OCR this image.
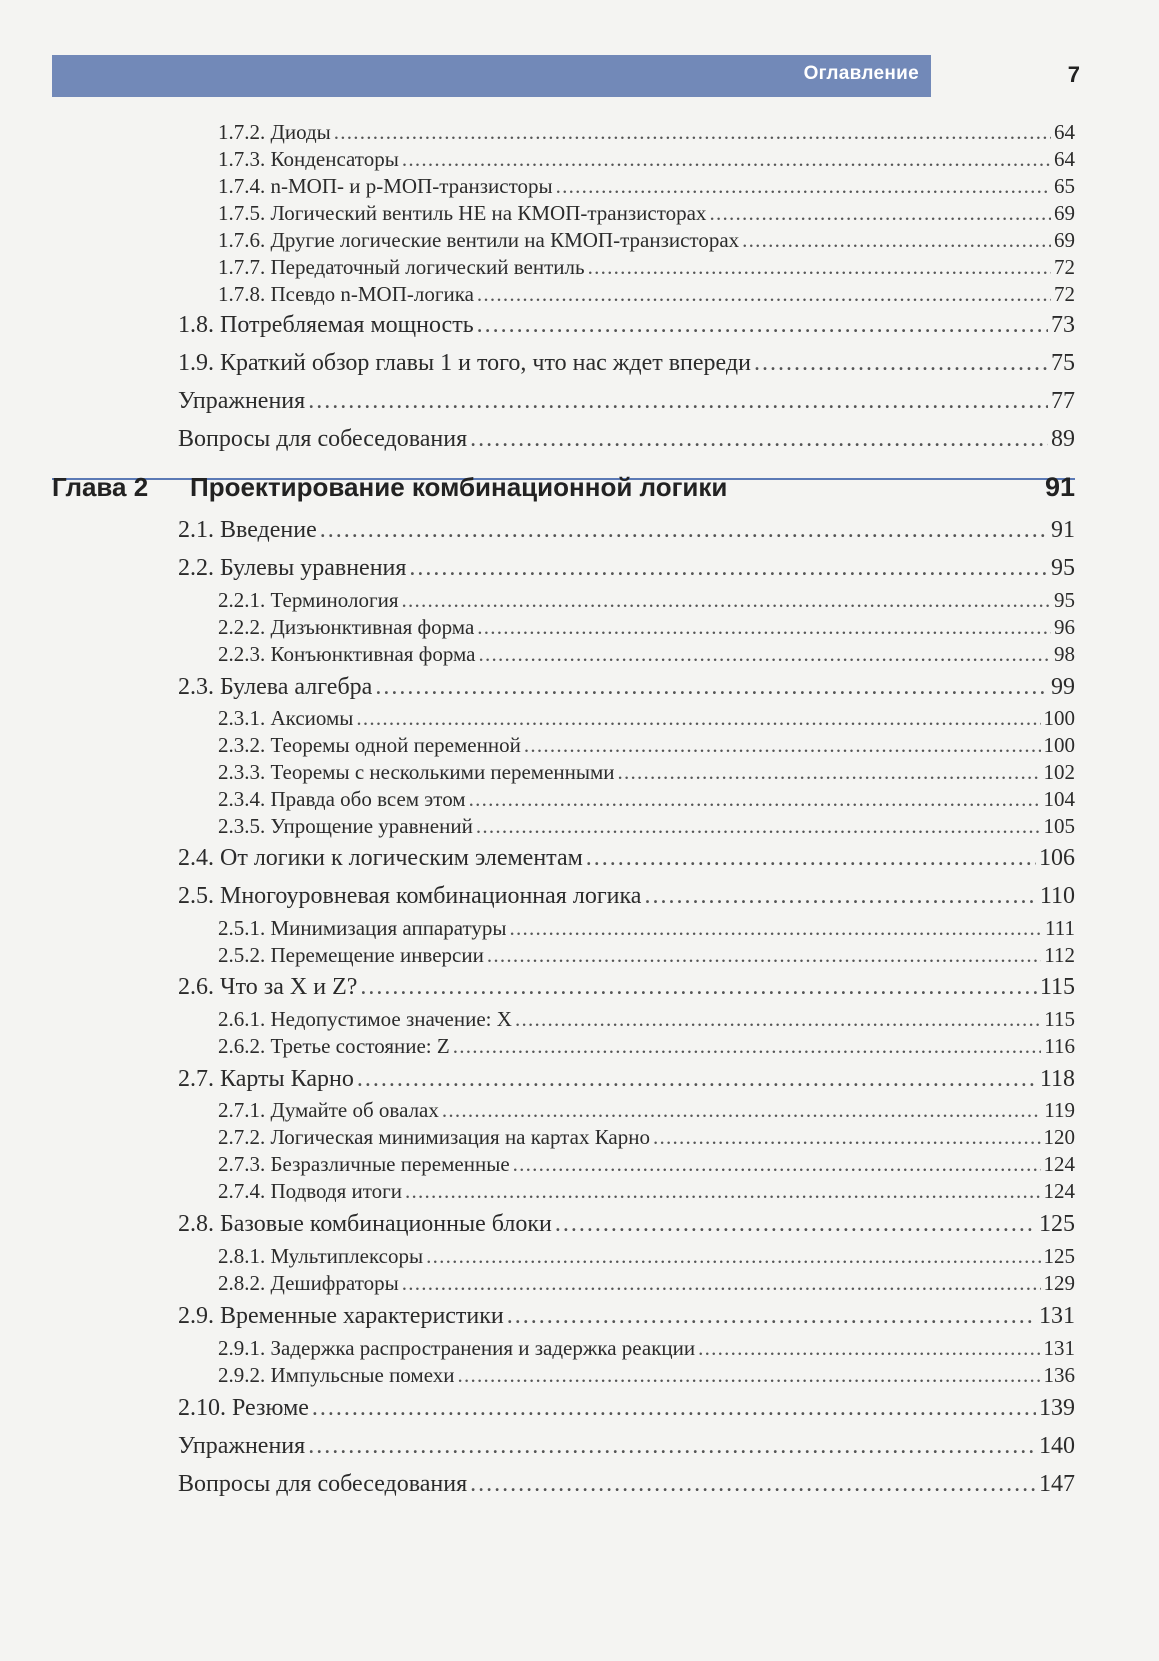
Оглавление	7
Глава 2 Проектирование комбинационной логики	91
1.7.2. Диоды . . .	64
1.7.3. Конденсаторы . . .	64
1.7.4. n-МОП- и p-МОП-транзисторы . . .	65
1.7.5. Логический вентиль НЕ на КМОП-транзисторах . . .	69
1.7.6. Другие логические вентили на КМОП-транзисторах . . .	69
1.7.7. Передаточный логический вентиль . . .	72
1.7.8. Псевдо n-МОП-логика . . .	72
1.8. Потребляемая мощность . . .	73
1.9. Краткий обзор главы 1 и того, что нас ждет впереди . . .	75
Упражнения . . .	77
Вопросы для собеседования . . .	89
2.1. Введение . . .	91
2.2. Булевы уравнения . . .	95
2.2.1. Терминология . . .	95
2.2.2. Дизъюнктивная форма . . .	96
2.2.3. Конъюнктивная форма . . .	98
2.3. Булева алгебра . . .	99
2.3.1. Аксиомы . . .	100
2.3.2. Теоремы одной переменной . . .	100
2.3.3. Теоремы с несколькими переменными . . .	102
2.3.4. Правда обо всем этом . . .	104
2.3.5. Упрощение уравнений . . .	105
2.4. От логики к логическим элементам . . .	106
2.5. Многоуровневая комбинационная логика . . .	110
2.5.1. Минимизация аппаратуры . . .	111
2.5.2. Перемещение инверсии . . .	112
2.6. Что за X и Z? . . .	115
2.6.1. Недопустимое значение: X . . .	115
2.6.2. Третье состояние: Z . . .	116
2.7. Карты Карно . . .	118
2.7.1. Думайте об овалах . . .	119
2.7.2. Логическая минимизация на картах Карно . . .	120
2.7.3. Безразличные переменные . . .	124
2.7.4. Подводя итоги . . .	124
2.8. Базовые комбинационные блоки . . .	125
2.8.1. Мультиплексоры . . .	125
2.8.2. Дешифраторы . . .	129
2.9. Временные характеристики . . .	131
2.9.1. Задержка распространения и задержка реакции . . .	131
2.9.2. Импульсные помехи . . .	136
2.10. Резюме . . .	139
Упражнения . . .	140
Вопросы для собеседования . . .	147
